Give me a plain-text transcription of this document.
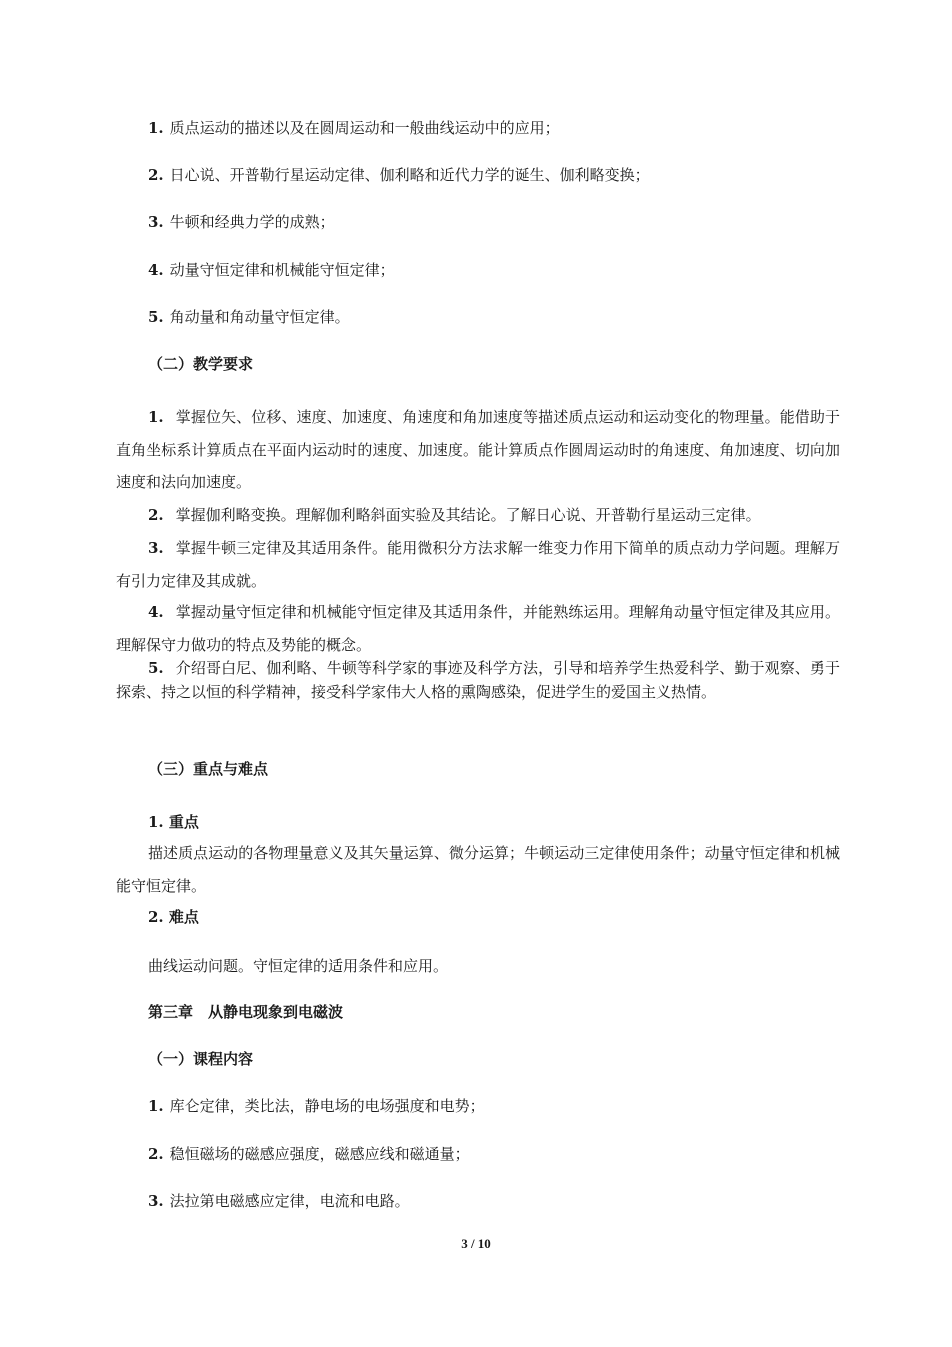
1. 质点运动的描述以及在圆周运动和一般曲线运动中的应用；
2. 日心说、开普勒行星运动定律、伽利略和近代力学的诞生、伽利略变换；
3. 牛顿和经典力学的成熟；
4. 动量守恒定律和机械能守恒定律；
5. 角动量和角动量守恒定律。
（二）教学要求
1. 掌握位矢、位移、速度、加速度、角速度和角加速度等描述质点运动和运动变化的物理量。能借助于直角坐标系计算质点在平面内运动时的速度、加速度。能计算质点作圆周运动时的角速度、角加速度、切向加速度和法向加速度。
2. 掌握伽利略变换。理解伽利略斜面实验及其结论。了解日心说、开普勒行星运动三定律。
3. 掌握牛顿三定律及其适用条件。能用微积分方法求解一维变力作用下简单的质点动力学问题。理解万有引力定律及其成就。
4. 掌握动量守恒定律和机械能守恒定律及其适用条件，并能熟练运用。理解角动量守恒定律及其应用。理解保守力做功的特点及势能的概念。
5. 介绍哥白尼、伽利略、牛顿等科学家的事迹及科学方法，引导和培养学生热爱科学、勤于观察、勇于探索、持之以恒的科学精神，接受科学家伟大人格的熏陶感染，促进学生的爱国主义热情。
（三）重点与难点
1. 重点
描述质点运动的各物理量意义及其矢量运算、微分运算；牛顿运动三定律使用条件；动量守恒定律和机械能守恒定律。
2. 难点
曲线运动问题。守恒定律的适用条件和应用。
第三章　从静电现象到电磁波
（一）课程内容
1. 库仑定律，类比法，静电场的电场强度和电势；
2. 稳恒磁场的磁感应强度，磁感应线和磁通量；
3. 法拉第电磁感应定律，电流和电路。
3 / 10
